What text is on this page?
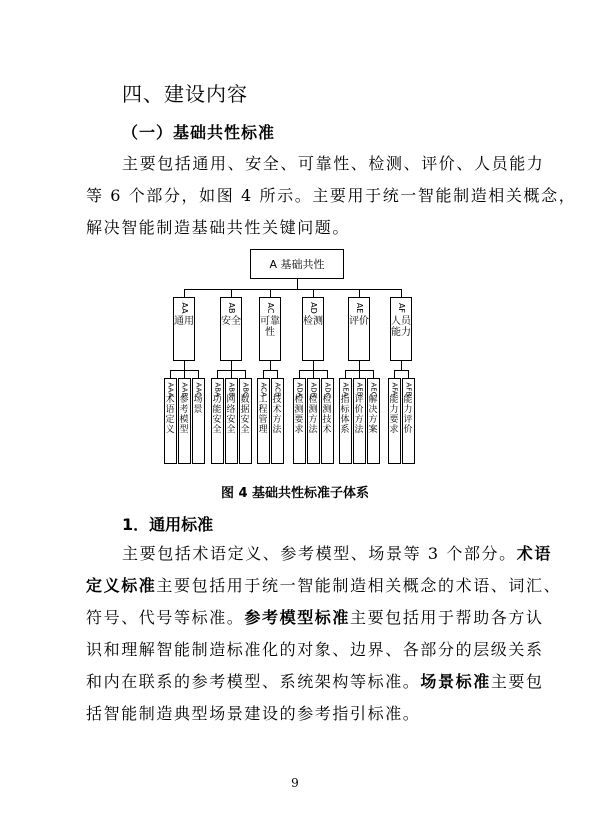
四、建设内容
（一）基础共性标准
主要包括通用、安全、可靠性、检测、评价、人员能力
等 6 个部分，如图 4 所示。主要用于统一智能制造相关概念，
解决智能制造基础共性关键问题。
A 基础共性
AA
通用
AAA
术语定义
AAB
参考模型
AAC
场景
AB
安全
ABA
功能安全
ABB
网络安全
ABC
数据安全
AC
可靠性
ACA
工程管理
ACB
技术方法
AD
检测
ADA
检测要求
ADB
检测方法
ADC
检测技术
AE
评价
AEA
指标体系
AEB
评价方法
AEC
解决方案
AF
人员能力
AFA
能力要求
AFB
能力评价
图 4 基础共性标准子体系
1．通用标准
主要包括术语定义、参考模型、场景等 3 个部分。术语
定义标准主要包括用于统一智能制造相关概念的术语、词汇、
符号、代号等标准。参考模型标准主要包括用于帮助各方认
识和理解智能制造标准化的对象、边界、各部分的层级关系
和内在联系的参考模型、系统架构等标准。场景标准主要包
括智能制造典型场景建设的参考指引标准。
9
